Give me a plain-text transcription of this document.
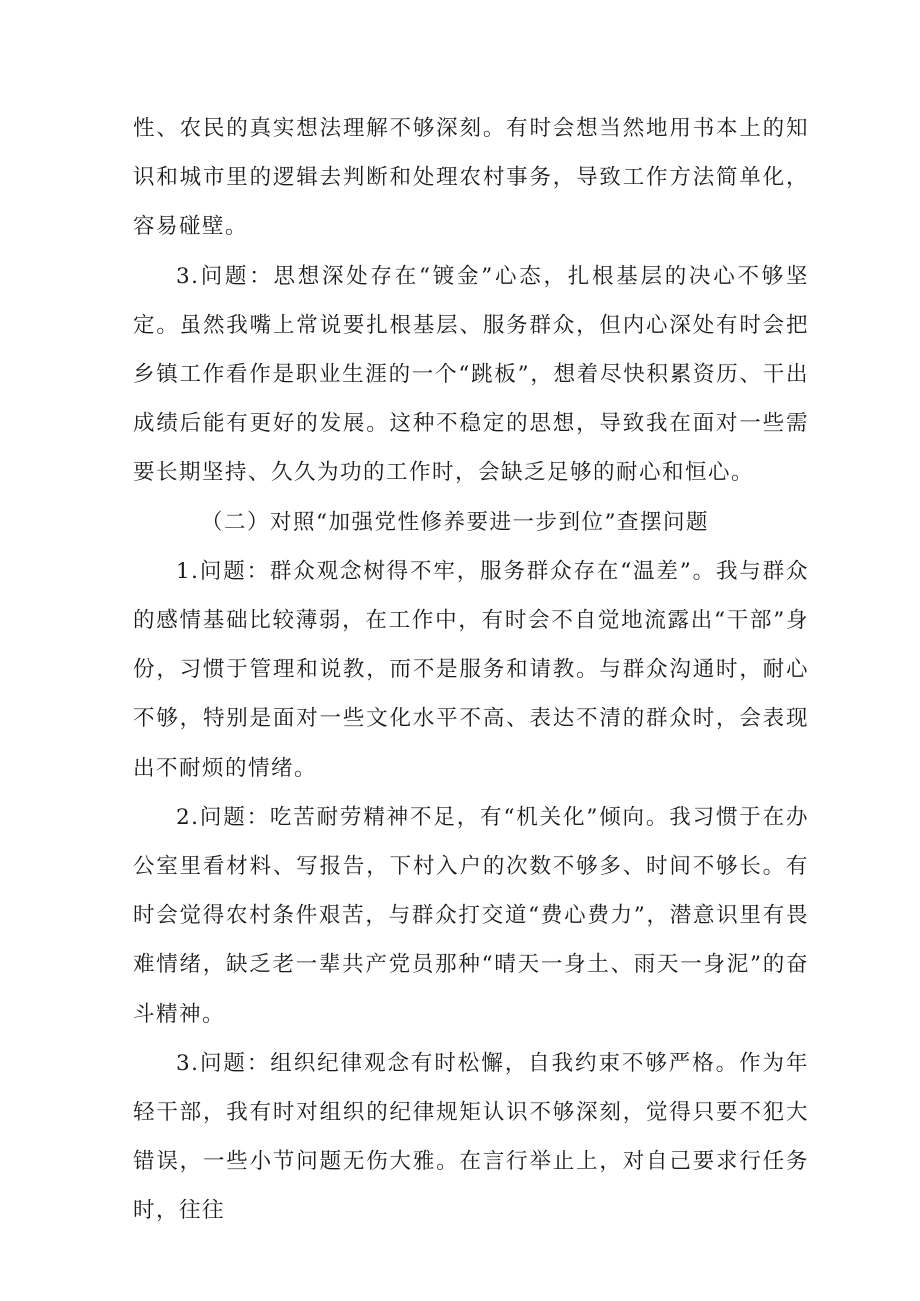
性、农民的真实想法理解不够深刻。有时会想当然地用书本上的知识和城市里的逻辑去判断和处理农村事务，导致工作方法简单化，容易碰壁。

3.问题：思想深处存在“镀金”心态，扎根基层的决心不够坚定。虽然我嘴上常说要扎根基层、服务群众，但内心深处有时会把乡镇工作看作是职业生涯的一个“跳板”，想着尽快积累资历、干出成绩后能有更好的发展。这种不稳定的思想，导致我在面对一些需要长期坚持、久久为功的工作时，会缺乏足够的耐心和恒心。

（二）对照“加强党性修养要进一步到位”查摆问题

1.问题：群众观念树得不牢，服务群众存在“温差”。我与群众的感情基础比较薄弱，在工作中，有时会不自觉地流露出“干部”身份，习惯于管理和说教，而不是服务和请教。与群众沟通时，耐心不够，特别是面对一些文化水平不高、表达不清的群众时，会表现出不耐烦的情绪。

2.问题：吃苦耐劳精神不足，有“机关化”倾向。我习惯于在办公室里看材料、写报告，下村入户的次数不够多、时间不够长。有时会觉得农村条件艰苦，与群众打交道“费心费力”，潜意识里有畏难情绪，缺乏老一辈共产党员那种“晴天一身土、雨天一身泥”的奋斗精神。

3.问题：组织纪律观念有时松懈，自我约束不够严格。作为年轻干部，我有时对组织的纪律规矩认识不够深刻，觉得只要不犯大错误，一些小节问题无伤大雅。在言行举止上，对自己要求行任务时，往往
